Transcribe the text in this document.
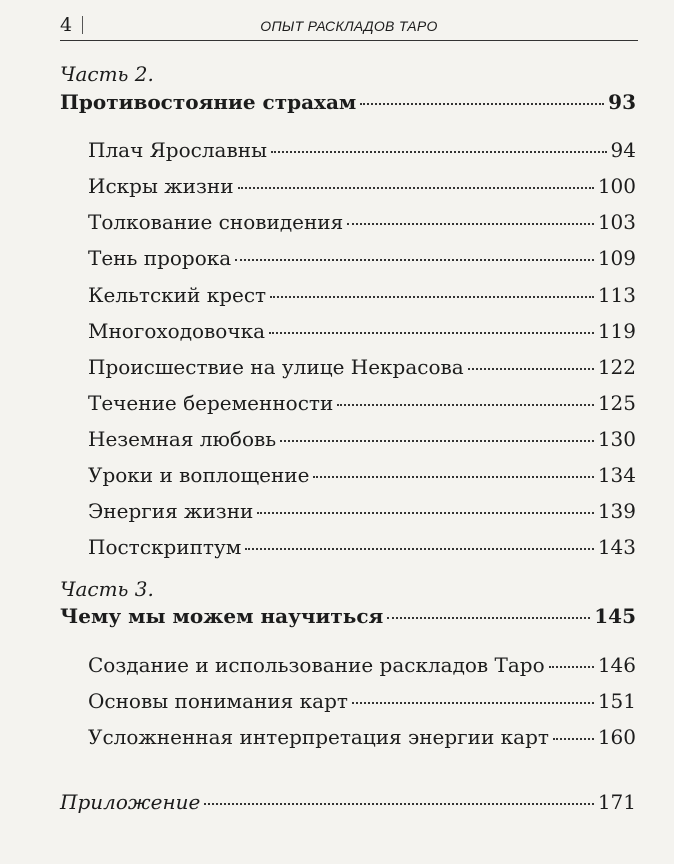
4	ОПЫТ РАСКЛАДОВ ТАРО
Часть 2.
Противостояние страхам	93
Плач Ярославны	94
Искры жизни	100
Толкование сновидения	103
Тень пророка	109
Кельтский крест	113
Многоходовочка	119
Происшествие на улице Некрасова	122
Течение беременности	125
Неземная любовь	130
Уроки и воплощение	134
Энергия жизни	139
Постскриптум	143
Часть 3.
Чему мы можем научиться	145
Создание и использование раскладов Таро	146
Основы понимания карт	151
Усложненная интерпретация энергии карт 160
Приложение	171
